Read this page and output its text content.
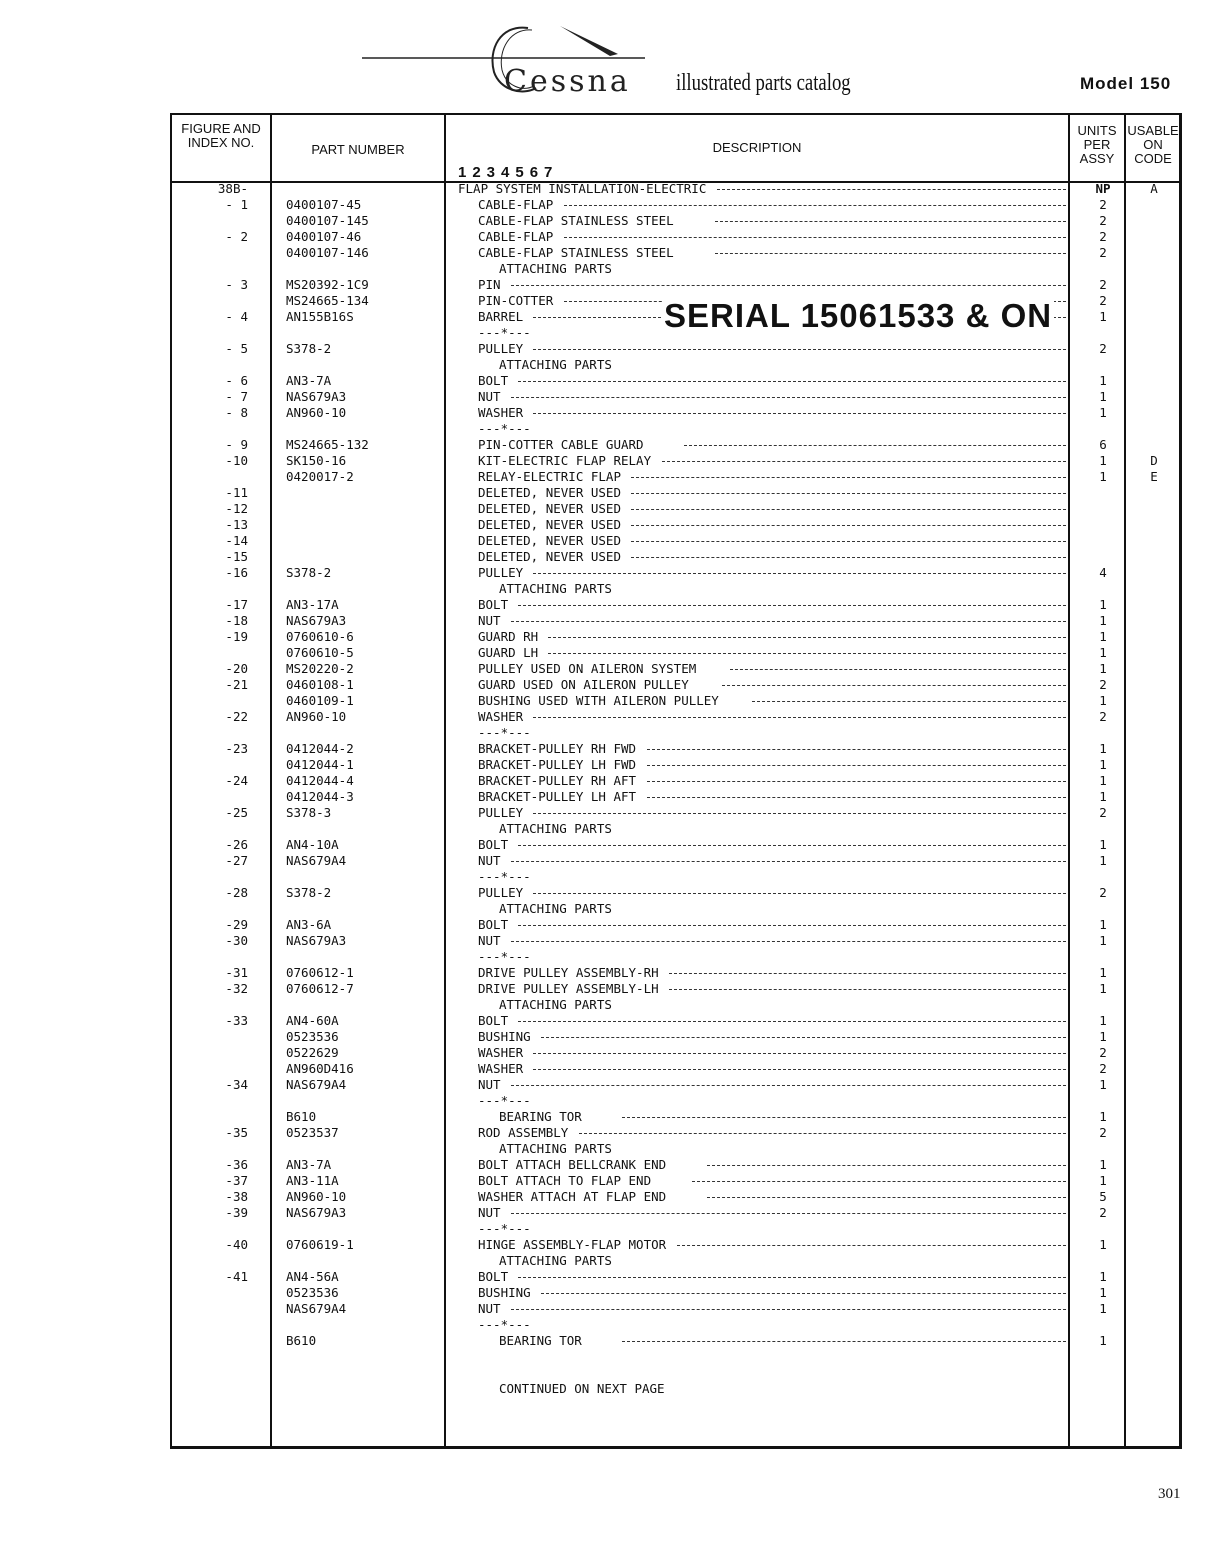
Cessna illustrated parts catalog	Model 150
FIGURE AND INDEX NO.	PART NUMBER	DESCRIPTION
1234567
UNITS PER ASSY
USABLE ON CODE
38B-	FLAP SYSTEM INSTALLATION-ELECTRIC	NP	A
- 1	0400107-45	CABLE-FLAP	2
0400107-145	CABLE-FLAP STAINLESS STEEL	2
- 2	0400107-46	CABLE-FLAP	2
0400107-146	CABLE-FLAP STAINLESS STEEL	2
ATTACHING PARTS
- 3	MS20392-1C9	PIN	2
MS24665-134	PIN-COTTER	2
- 4	AN155B16S	BARREL	1
---*---
- 5	S378-2	PULLEY	2
ATTACHING PARTS
- 6	AN3-7A	BOLT	1
- 7	NAS679A3	NUT	1
- 8	AN960-10	WASHER	1
---*---
- 9	MS24665-132	PIN-COTTER CABLE GUARD	6
-10	SK150-16	KIT-ELECTRIC FLAP RELAY	1	D
0420017-2	RELAY-ELECTRIC FLAP	1	E
-11	DELETED, NEVER USED
-12	DELETED, NEVER USED
-13	DELETED, NEVER USED
-14	DELETED, NEVER USED
-15	DELETED, NEVER USED
-16	S378-2	PULLEY	4
ATTACHING PARTS
-17	AN3-17A	BOLT	1
-18	NAS679A3	NUT	1
-19	0760610-6	GUARD RH	1
0760610-5	GUARD LH	1
-20	MS20220-2	PULLEY USED ON AILERON SYSTEM	1
-21	0460108-1	GUARD USED ON AILERON PULLEY	2
0460109-1	BUSHING USED WITH AILERON PULLEY	1
-22	AN960-10	WASHER	2
---*---
-23	0412044-2	BRACKET-PULLEY RH FWD	1
0412044-1	BRACKET-PULLEY LH FWD	1
-24	0412044-4	BRACKET-PULLEY RH AFT	1
0412044-3	BRACKET-PULLEY LH AFT	1
-25	S378-3	PULLEY	2
ATTACHING PARTS
-26	AN4-10A	BOLT	1
-27	NAS679A4	NUT	1
---*---
-28	S378-2	PULLEY	2
ATTACHING PARTS
-29	AN3-6A	BOLT	1
-30	NAS679A3	NUT	1
---*---
-31	0760612-1	DRIVE PULLEY ASSEMBLY-RH	1
-32	0760612-7	DRIVE PULLEY ASSEMBLY-LH	1
ATTACHING PARTS
-33	AN4-60A	BOLT	1
0523536	BUSHING	1
0522629	WASHER	2
AN960D416	WASHER	2
-34	NAS679A4	NUT	1
---*---
B610	BEARING TOR	1
-35	0523537	ROD ASSEMBLY	2
ATTACHING PARTS
-36	AN3-7A	BOLT ATTACH BELLCRANK END	1
-37	AN3-11A	BOLT ATTACH TO FLAP END	1
-38	AN960-10	WASHER ATTACH AT FLAP END	5
-39	NAS679A3	NUT	2
---*---
-40	0760619-1	HINGE ASSEMBLY-FLAP MOTOR	1
ATTACHING PARTS
-41	AN4-56A	BOLT	1
0523536	BUSHING	1
NAS679A4	NUT	1
---*---
B610	BEARING TOR	1
CONTINUED ON NEXT PAGE
SERIAL 15061533 & ON
301
